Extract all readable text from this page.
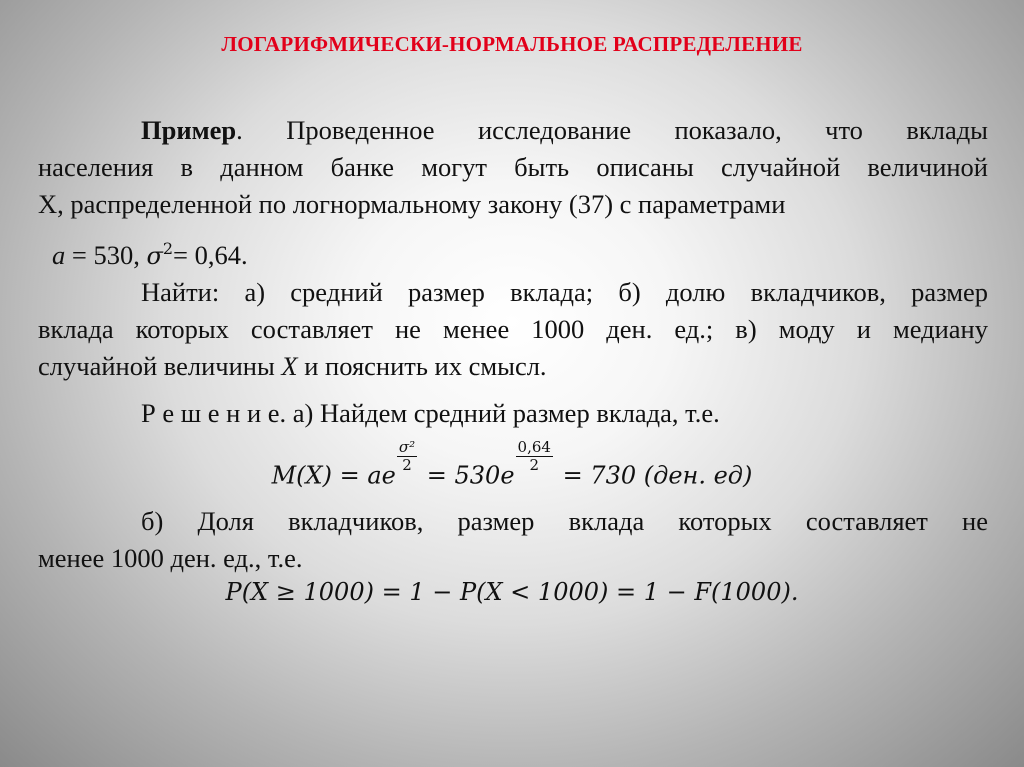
ЛОГАРИФМИЧЕСКИ-НОРМАЛЬНОЕ РАСПРЕДЕЛЕНИЕ
Пример. Проведенное исследование показало, что вклады
населения в данном банке могут быть описаны случайной величиной
X, распределенной по логнормальному закону (37) с параметрами
a = 530, $\sigma^2= 0,64$.
Найти: а) средний размер вклада; б) долю вкладчиков, размер
вклада которых составляет не менее 1000 ден. ед.; в) моду и медиану
случайной величины X и пояснить их смысл.
Р е ш е н и е. а) Найдем средний размер вклада, т.е.
M(X) = ae
$\frac{\text{σ²}}{2}$
= 530e
$\frac{0,64}{2}$
= 730 (ден. ед)
б) Доля вкладчиков, размер вклада которых составляет не
менее 1000 ден. ед., т.е.
P(X ≥ 1000) = 1 − P(X < 1000) = 1 − F(1000).
